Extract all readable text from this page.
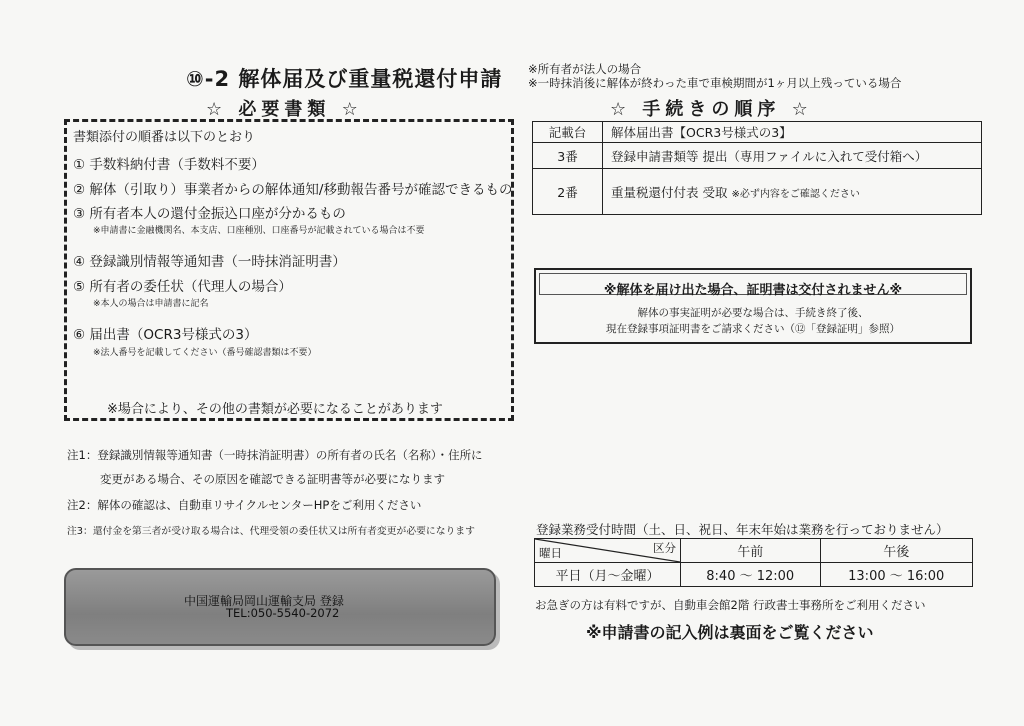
⑩-2 解体届及び重量税還付申請 ※所有者が法人の場合
※一時抹消後に解体が終わった車で車検期間が1ヶ月以上残っている場合
☆ 必要書類 ☆	☆ 手続きの順序 ☆
書類添付の順番は以下のとおり
① 手数料納付書（手数料不要）
② 解体（引取り）事業者からの解体通知/移動報告番号が確認できるもの
③ 所有者本人の還付金振込口座が分かるもの
※申請書に金融機関名、本支店、口座種別、口座番号が記載されている場合は不要
④ 登録識別情報等通知書（一時抹消証明書）
⑤ 所有者の委任状（代理人の場合）
※本人の場合は申請書に記名
⑥ 届出書（OCR3号様式の3）
※法人番号を記載してください（番号確認書類は不要）
※場合により、その他の書類が必要になることがあります
記載台	解体届出書【OCR3号様式の3】
3番	登録申請書類等 提出（専用ファイルに入れて受付箱へ）
2番	重量税還付付表 受取 ※必ず内容をご確認ください
※解体を届け出た場合、証明書は交付されません※
解体の事実証明が必要な場合は、手続き終了後、
現在登録事項証明書をご請求ください（⑫「登録証明」参照）
注1：登録識別情報等通知書（一時抹消証明書）の所有者の氏名（名称）・住所に
変更がある場合、その原因を確認できる証明書等が必要になります
注2：解体の確認は、自動車リサイクルセンターHPをご利用ください
注3：還付金を第三者が受け取る場合は、代理受領の委任状又は所有者変更が必要になります
中国運輸局岡山運輸支局 登録
TEL:050-5540-2072
登録業務受付時間（土、日、祝日、年末年始は業務を行っておりません）
区分
曜日	午前	午後
平日（月～金曜）	8:40 ～ 12:00	13:00 ～ 16:00
お急ぎの方は有料ですが、自動車会館2階 行政書士事務所をご利用ください
※申請書の記入例は裏面をご覧ください
